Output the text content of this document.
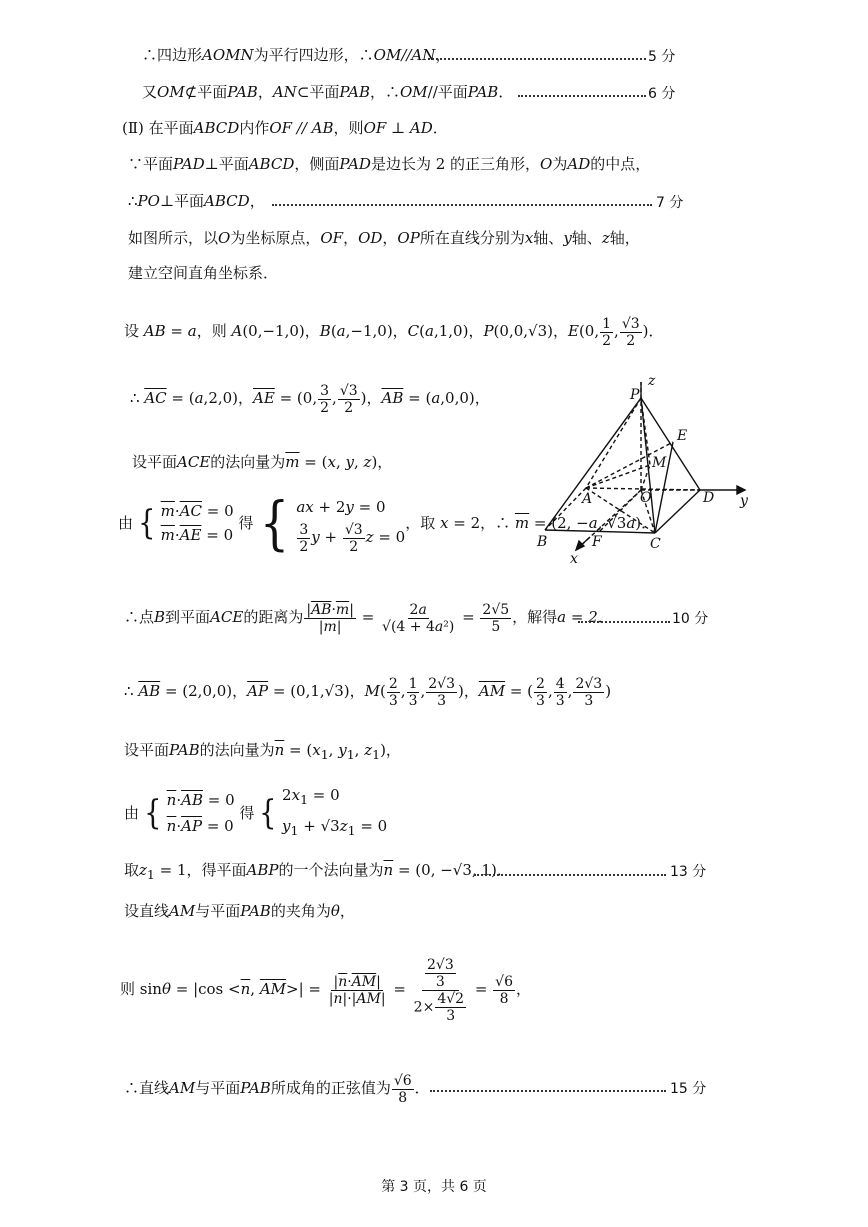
∴四边形AOMN为平行四边形，∴OM//AN，	5 分
又OM⊄平面PAB，AN⊂平面PAB，∴OM//平面PAB．	6 分
(Ⅱ) 在平面ABCD内作OF // AB，则OF ⊥ AD．
∵平面PAD⊥平面ABCD，侧面PAD是边长为 2 的正三角形，O为AD的中点，
∴PO⊥平面ABCD，	7 分
如图所示，以O为坐标原点，OF，OD，OP所在直线分别为x轴、y轴、z轴，
建立空间直角坐标系．
设 AB = a，则 A(0,−1,0)，B(a,−1,0)，C(a,1,0)，P(0,0,√3)，E(0, $\frac{1}{2}$ , $\frac{√3}{2}$ )．
∴ $\overline{AC} = (a,2,0)$，$\overline{AE} = (0$, $\frac{3}{2}$ , $\frac{√3}{2}$ )，$\overline{AB} = (a,0,0)$，
设平面ACE的法向量为$\overline{m} = (x$, y, z)，
由 { $\overline{m}\cdot\overline{AC} = 0$
$\overline{m}\cdot\overline{AE} = 0$
得 { ax + 2y = 0
$\frac{3}{2}$ $y + \frac{√3}{2}$ z = 0
，取 x = 2，∴ $\overline{m} = (2$, −a, √3a)．
∴点B到平面ACE的距离为 $\frac{|\overline{AB}\cdot\overline{m}|}{|\overline{m}|} = \frac{2a}{\text{√(4 + 4a²)}} = \frac{2√5}{5}$ ，解得a = 2．	10 分
∴ $\overline{AB} = (2,0,0)$，$\overline{AP} = (0,1,√3)$，$M( \frac{2}{3}$ , $\frac{1}{3}$ , $\frac{2√3}{3}$ )，$\overline{AM}$ = ( $\frac{2}{3}$ , $\frac{4}{3}$ , $\frac{2√3}{3}$ )
设平面PAB的法向量为$\overline{n} = (x_1$, $y_1$, $z_1$)，
由 { $\overline{n}\cdot\overline{AB} = 0$
$\overline{n}\cdot\overline{AP} = 0$
得 { $2x_1 = 0$
$y_1 + √3z_1 = 0$
取$z_1 = 1$，得平面ABP的一个法向量为$\overline{n} = (0$, −√3, 1)．	13 分
设直线AM与平面PAB的夹角为θ，
则 $\sin\theta = |\cos <\overline{n}$, $\overline{AM}>| = \frac{|\overline{n}\cdot\overline{AM}|}{|\overline{n}|\cdot|\overline{AM}|} = \frac{\frac{2√3}{3}}{2\times \frac{4√2}{3}} = \frac{√6}{8}$ ，
∴直线AM与平面PAB所成角的正弦值为 $\frac{√6}{8}$ ．	15 分
P
z
E
M
A	O	D y
B	F	C
x
第 3 页，共 6 页
